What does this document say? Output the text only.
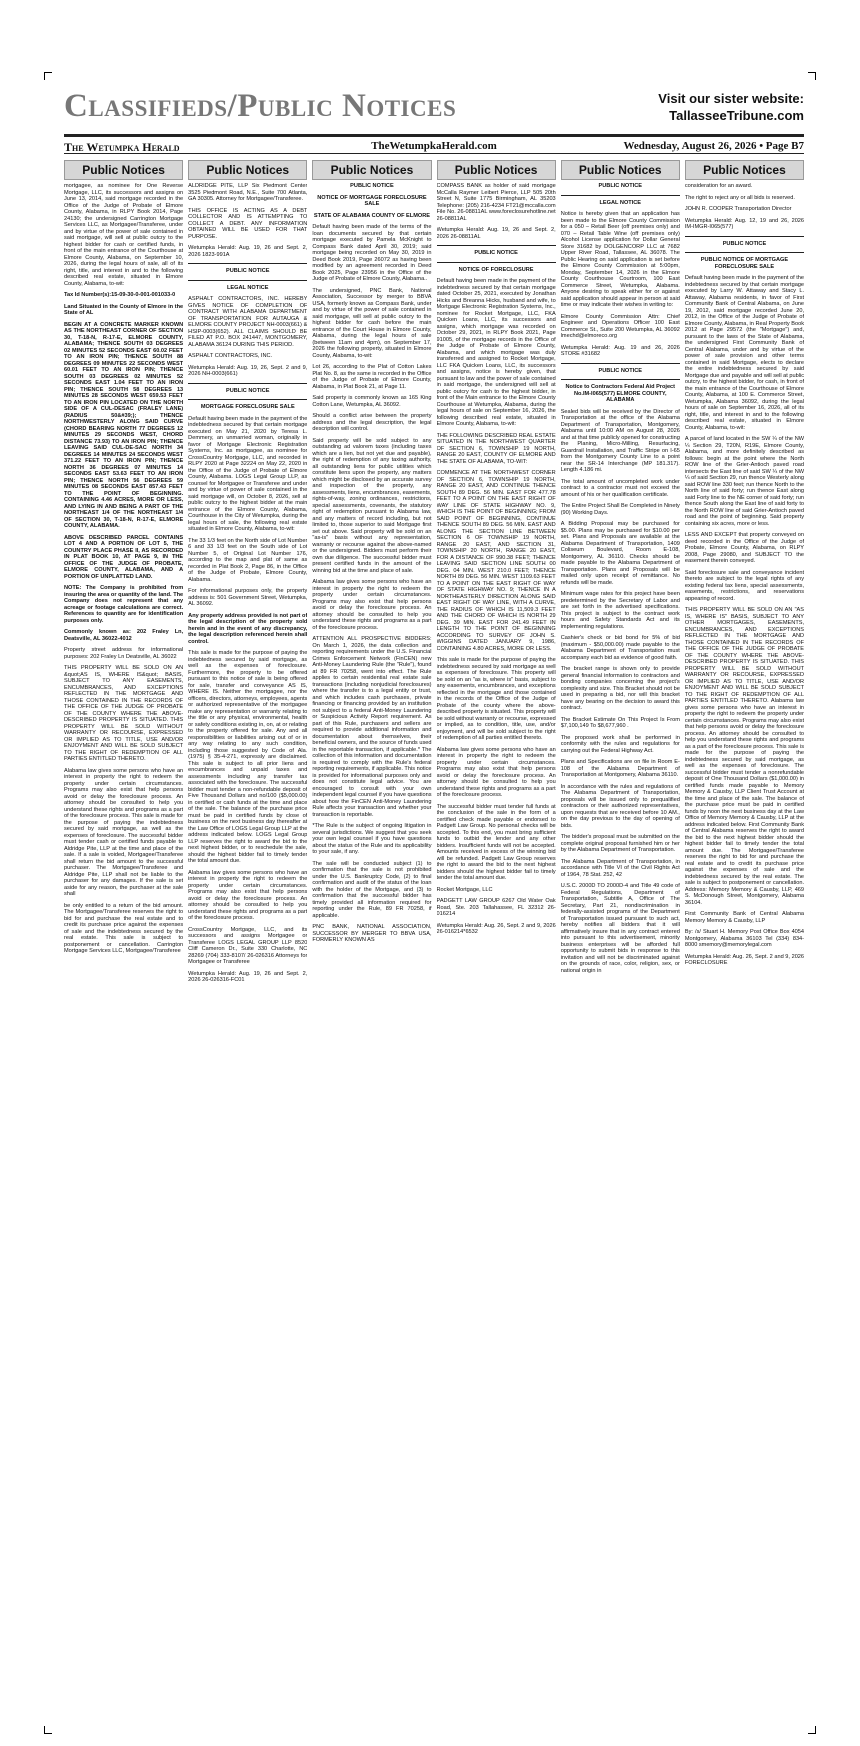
Classifieds/Public Notices	Visit our sister website:
TallasseeTribune.com
The Wetumpka Herald	TheWetumpkaHerald.com	Wednesday, August 26, 2026 • Page B7
Public Notices

mortgagee, as nominee for One Reverse Mortgage, LLC, its successors and assigns on June 13, 2014, said mortgage recorded in the Office of the Judge of Probate of Elmore County, Alabama, in RLPY Book 2014, Page 24130; the undersigned Carrington Mortgage Services LLC, as Mortgagee/Transferee, under and by virtue of the power of sale contained in said mortgage, will sell at public outcry to the highest bidder for cash or certified funds, in front of the main entrance of the Courthouse at Elmore County, Alabama, on September 10, 2026, during the legal hours of sale, all of its right, title, and interest in and to the following described real estate, situated in Elmore County, Alabama, to-wit:

Tax Id Number(s):15-09-30-0-001-001033-0

Land Situated in the County of Elmore in the State of AL

BEGIN AT A CONCRETE MARKER KNOWN AS THE NORTHEAST CORNER OF SECTION 30, T-18-N, R-17-E, ELMORE COUNTY, ALABAMA; THENCE SOUTH 03 DEGREES 02 MINUTES 52 SECONDS EAST 60.02 FEET TO AN IRON PIN; THENCE SOUTH 88 DEGREES 09 MINUTES 22 SECONDS WEST 60.01 FEET TO AN IRON PIN; THENCE SOUTH 03 DEGREES 02 MINUTES 52 SECONDS EAST 1.04 FEET TO AN IRON PIN; THENCE SOUTH 58 DEGREES 13 MINUTES 28 SECONDS WEST 659.53 FEET TO AN IRON PIN LOCATED ON THE NORTH SIDE OF A CUL-DESAC (FRALEY LANE) (RADIUS 50&#39;); THENCE NORTHWESTERLY ALONG SAID CURVE (CHORD BEARING NORTH 77 DEGREES 12 MINUTES 29 SECONDS WEST, CHORD DISTANCE 73.93) TO AN IRON PIN; THENCE LEAVING SAID CUL-DE-SAC NORTH 34 DEGREES 14 MINUTES 24 SECONDS WEST 371.22 FEET TO AN IRON PIN; THENCE NORTH 36 DEGREES 07 MINUTES 14 SECONDS EAST 53.63 FEET TO AN IRON PIN; THENCE NORTH 56 DEGREES 59 MINUTES 08 SECONDS EAST 857.43 FEET TO THE POINT OF BEGINNING. CONTAINING 4.46 ACRES, MORE OR LESS, AND LYING IN AND BEING A PART OF THE NORTHEAST 1/4 OF THE NORTHEAST 1/4 OF SECTION 30, T-18-N, R-17-E, ELMORE COUNTY, ALABAMA.

ABOVE DESCRIBED PARCEL CONTAINS LOT 4 AND A PORTION OF LOT 5, THE COUNTRY PLACE PHASE II, AS RECORDED IN PLAT BOOK 10, AT PAGE 9, IN THE OFFICE OF THE JUDGE OF PROBATE, ELMORE COUNTY, ALABAMA, AND A PORTION OF UNPLATTED LAND.

NOTE: The Company is prohibited from insuring the area or quantity of the land. The Company does not represent that any acreage or footage calculations are correct. References to quantity are for identification purposes only.

Commonly known as: 202 Fraley Ln, Deatsville, AL 36022-4012

Property street address for informational purposes: 202 Fraley Ln Deatsville, AL 36022

THIS PROPERTY WILL BE SOLD ON AN &quot;AS IS, WHERE IS&quot; BASIS, SUBJECT TO ANY EASEMENTS, ENCUMBRANCES, AND EXCEPTIONS REFLECTED IN THE MORTGAGE AND THOSE CONTAINED IN THE RECORDS OF THE OFFICE OF THE JUDGE OF PROBATE OF THE COUNTY WHERE THE ABOVE-DESCRIBED PROPERTY IS SITUATED. THIS PROPERTY WILL BE SOLD WITHOUT WARRANTY OR RECOURSE, EXPRESSED OR IMPLIED AS TO TITLE, USE AND/OR ENJOYMENT AND WILL BE SOLD SUBJECT TO THE RIGHT OF REDEMPTION OF ALL PARTIES ENTITLED THERETO.

Alabama law gives some persons who have an interest in property the right to redeem the property under certain circumstances. Programs may also exist that help persons avoid or delay the foreclosure process. An attorney should be consulted to help you understand these rights and programs as a part of the foreclosure process. This sale is made for the purpose of paying the indebtedness secured by said mortgage, as well as the expenses of foreclosure. The successful bidder must tender cash or certified funds payable to Aldridge Pite, LLP at the time and place of the sale. If a sale is voided, Mortgagee/Transferee shall return the bid amount to the successful purchaser. The Mortgagee/Transferee and Aldridge Pite, LLP shall not be liable to the purchaser for any damages. If the sale is set aside for any reason, the purchaser at the sale shall

be only entitled to a return of the bid amount. The Mortgagee/Transferee reserves the right to bid for and purchase the real estate and to credit its purchase price against the expenses of sale and the indebtedness secured by the real estate. This sale is subject to postponement or cancellation. Carrington Mortgage Services LLC, Mortgagee/Transferee

Public Notices

ALDRIDGE PITE, LLP Six Piedmont Center 3525 Piedmont Road, N.E., Suite 700 Atlanta, GA 30305. Attorney for Mortgagee/Transferee.

THIS OFFICE IS ACTING AS A DEBT COLLECTOR AND IS ATTEMPTING TO COLLECT A DEBT. ANY INFORMATION OBTAINED WILL BE USED FOR THAT PURPOSE.

Wetumpka Herald: Aug. 19, 26 and Sept. 2, 2026 1823-991A

PUBLIC NOTICE

LEGAL NOTICE

ASPHALT CONTRACTORS, INC. HEREBY GIVES NOTICE OF COMPLETION OF CONTRACT WITH ALABAMA DEPARTMENT OF TRANSPORTATION FOR AUTAUGA & ELMORE COUNTY PROJECT NH-0003(661) & HSIP-0003(652). ALL CLAIMS SHOULD BE FILED AT P.O. BOX 241447, MONTGOMERY, ALABAMA 36124 DURING THIS PERIOD.

ASPHALT CONTRACTORS, INC.

Wetumpka Herald: Aug. 19, 26, Sept. 2 and 9, 2026 NH-0003(661)

PUBLIC NOTICE

MORTGAGE FORECLOSURE SALE

Default having been made in the payment of the indebtedness secured by that certain mortgage executed on May 21, 2020 by Teresa L. Demmery, an unmarried woman, originally in favor of Mortgage Electronic Registration Systems, Inc. as mortgagee, as nominee for CrossCountry Mortgage, LLC, and recorded in RLPY 2020 at Page 32224 on May 22, 2020 in the Office of the Judge of Probate of Elmore County, Alabama. LOGS Legal Group LLP, as counsel for Mortgagee or Transferee and under and by virtue of power of sale contained in the said mortgage will, on October 8, 2026, sell at public outcry to the highest bidder at the main entrance of the Elmore County, Alabama, Courthouse in the City of Wetumpka, during the legal hours of sale, the following real estate situated in Elmore County, Alabama, to-wit:

The 33 1/3 feet on the North side of Lot Number 6 and 33 1/3 feet on the South side of Lot Number 5, of Original Lot Number 176, according to the map and plat of same as recorded in Plat Book 2, Page 86, in the Office of the Judge of Probate, Elmore County, Alabama.

For informational purposes only, the property address is: 501 Government Street, Wetumpka, AL 36092.

Any property address provided is not part of the legal description of the property sold herein and in the event of any discrepancy, the legal description referenced herein shall control.

This sale is made for the purpose of paying the indebtedness secured by said mortgage, as well as the expenses of foreclosure. Furthermore, the property to be offered pursuant to this notice of sale is being offered for sale, transfer and conveyance AS IS, WHERE IS. Neither the mortgagee, nor the officers, directors, attorneys, employees, agents or authorized representative of the mortgagee make any representation or warranty relating to the title or any physical, environmental, health or safety conditions existing in, on, at or relating to the property offered for sale. Any and all responsibilities or liabilities arising out of or in any way relating to any such condition, including those suggested by Code of Ala. (1975) § 35-4-271, expressly are disclaimed. This sale is subject to all prior liens and encumbrances and unpaid taxes and assessments including any transfer tax associated with the foreclosure. The successful bidder must tender a non-refundable deposit of Five Thousand Dollars and no/100 ($5,000.00) in certified or cash funds at the time and place of the sale. The balance of the purchase price must be paid in certified funds by close of business on the next business day thereafter at the Law Office of LOGS Legal Group LLP at the address indicated below. LOGS Legal Group LLP reserves the right to award the bid to the next highest bidder, or to reschedule the sale, should the highest bidder fail to timely tender the total amount due.

Alabama law gives some persons who have an interest in property the right to redeem the property under certain circumstances. Programs may also exist that help persons avoid or delay the foreclosure process. An attorney should be consulted to help you understand these rights and programs as a part of the foreclosure process.

CrossCountry Mortgage, LLC, and its successors and assigns Mortgagee or Transferee LOGS LEGAL GROUP LLP 8520 Cliff Cameron Dr., Suite 330 Charlotte, NC 28269 (704) 333-8107/ 26-026316 Attorneys for Mortgagee or Transferee

Wetumpka Herald: Aug. 19, 26 and Sept. 2, 2026 26-026316-FC01

Public Notices

PUBLIC NOTICE

NOTICE OF MORTGAGE FORECLOSURE SALE

STATE OF ALABAMA COUNTY OF ELMORE

Default having been made of the terms of the loan documents secured by that certain mortgage executed by Pamela McKnight to Compass Bank dated April 30, 2019; said mortgage being recorded on May 30, 2019 in Deed Book 2019, Page 26072 as having been modified by an agreement recorded in Deed Book 2025, Page 23956 in the Office of the Judge of Probate of Elmore County, Alabama..

The undersigned, PNC Bank, National Association, Successor by merger to BBVA USA, formerly known as Compass Bank, under and by virtue of the power of sale contained in said mortgage, will sell at public outcry to the highest bidder for cash before the main entrance of the Court House in Elmore County, Alabama, during the legal hours of sale (between 11am and 4pm), on September 17, 2026 the following property, situated in Elmore County, Alabama, to-wit:

Lot 26, according to the Plat of Cotton Lakes Plat No. 8, as the same is recorded in the Office of the Judge of Probate of Elmore County, Alabama, in Plat Book 21, at Page 11.

Said property is commonly known as 165 King Cotton Lane, Wetumpka, AL 36092.

Should a conflict arise between the property address and the legal description, the legal description will control.

Said property will be sold subject to any outstanding ad valorem taxes (including taxes which are a lien, but not yet due and payable), the right of redemption of any taxing authority, all outstanding liens for public utilities which constitute liens upon the property, any matters which might be disclosed by an accurate survey and inspection of the property, any assessments, liens, encumbrances, easements, rights-of-way, zoning ordinances, restrictions, special assessments, covenants, the statutory right of redemption pursuant to Alabama law, and any matters of record including, but not limited to, those superior to said Mortgage first set out above. Said property will be sold on an "as-is" basis without any representation, warranty or recourse against the above-named or the undersigned. Bidders must perform their own due diligence. The successful bidder must present certified funds in the amount of the winning bid at the time and place of sale.

Alabama law gives some persons who have an interest in property the right to redeem the property under certain circumstances. Programs may also exist that help persons avoid or delay the foreclosure process. An attorney should be consulted to help you understand these rights and programs as a part of the foreclosure process.

ATTENTION ALL PROSPECTIVE BIDDERS: On March 1, 2026, the data collection and reporting requirements under the U.S. Financial Crimes Enforcement Network (FinCEN) new Anti-Money Laundering Rule (the "Rule"), found at 89 FR 70258, went into effect. The Rule applies to certain residential real estate sale transactions (including nonjudicial foreclosures) where the transfer is to a legal entity or trust, and which includes cash purchases, private financing or financing provided by an institution not subject to a federal Anti-Money Laundering or Suspicious Activity Report requirement. As part of this Rule, purchasers and sellers are required to provide additional information and documentation about themselves, their beneficial owners, and the source of funds used in the reportable transaction, if applicable.* The collection of this information and documentation is required to comply with the Rule's federal reporting requirements, if applicable. This notice is provided for informational purposes only and does not constitute legal advice. You are encouraged to consult with your own independent legal counsel if you have questions about how the FinCEN Anti-Money Laundering Rule affects your transaction and whether your transaction is reportable.

*The Rule is the subject of ongoing litigation in several jurisdictions. We suggest that you seek your own legal counsel if you have questions about the status of the Rule and its applicability to your sale, if any.

The sale will be conducted subject (1) to confirmation that the sale is not prohibited under the U.S. Bankruptcy Code, (2) to final confirmation and audit of the status of the loan with the holder of the Mortgage, and (3) to confirmation that the successful bidder has timely provided all information required for reporting under the Rule, 89 FR 70258, if applicable.

PNC BANK, NATIONAL ASSOCIATION, SUCCESSOR BY MERGER TO BBVA USA, FORMERLY KNOWN AS

Public Notices

COMPASS BANK as holder of said mortgage McCalla Raymer Leibert Pierce, LLP 505 20th Street N, Suite 1775 Birmingham, AL 35203 Telephone: (205) 216-4234 FT21@mccalla.com File No. 26-08811AL www.foreclosurehotline.net 26-08811AL

Wetumpka Herald: Aug. 19, 26 and Sept. 2, 2026 26-08811AL

PUBLIC NOTICE

NOTICE OF FORECLOSURE

Default having been made in the payment of the indebtedness secured by that certain mortgage dated October 25, 2021, executed by Jonathan Hicks and Breanna Hicks, husband and wife, to Mortgage Electronic Registration Systems, Inc., nominee for Rocket Mortgage, LLC, FKA Quicken Loans, LLC, its successors and assigns, which mortgage was recorded on October 29, 2021, in RLPY Book 2021, Page 91005, of the mortgage records in the Office of the Judge of Probate of Elmore County, Alabama, and which mortgage was duly transferred and assigned to Rocket Mortgage, LLC FKA Quicken Loans, LLC, its successors and assigns, notice is hereby given, that pursuant to law and the power of sale contained in said mortgage, the undersigned will sell at public outcry for cash to the highest bidder, in front of the Main entrance to the Elmore County Courthouse at Wetumpka, Alabama, during the legal hours of sale on September 16, 2026, the following described real estate, situated in Elmore County, Alabama, to-wit:

THE FOLLOWING DESCRIBED REAL ESTATE SITUATED IN THE NORTHWEST QUARTER OF SECTION 6, TOWNSHIP 19 NORTH, RANGE 20 EAST, COUNTY OF ELMORE AND THE STATE OF ALABAMA, TO-WIT:

COMMENCE AT THE NORTHWEST CORNER OF SECTION 6, TOWNSHIP 19 NORTH, RANGE 20 EAST, AND CONTINUE THENCE SOUTH 89 DEG. 56 MIN. EAST FOR 477.78 FEET TO A POINT ON THE EAST RIGHT OF WAY LINE OF STATE HIGHWAY NO. 9, WHICH IS THE POINT OF BEGINNING; FROM SAID POINT OF BEGINNING, CONTINUE THENCE SOUTH 89 DEG. 56 MIN. EAST AND ALONG THE SECTION LINE BETWEEN SECTION 6 OF TOWNSHIP 19 NORTH, RANGE 20 EAST, AND SECTION 31, TOWNSHIP 20 NORTH, RANGE 20 EAST, FOR A DISTANCE OF 990.38 FEET; THENCE LEAVING SAID SECTION LINE SOUTH 00 DEG. 04 MIN. WEST 210.0 FEET; THENCE NORTH 89 DEG. 56 MIN. WEST 1109.63 FEET TO A POINT ON THE EAST RIGHT OF WAY OF STATE HIGHWAY NO. 9; THENCE IN A NORTHEASTERLY DIRECTION ALONG SAID EAST RIGHT OF WAY LINE, WITH A CURVE, THE RADIUS OF WHICH IS 11,509.3 FEET AND THE CHORD OF WHICH IS NORTH 29 DEG. 39 MIN. EAST FOR 241.49 FEET IN LENGTH TO THE POINT OF BEGINNING ACCORDING TO SURVEY OF JOHN S. WIGGINS DATED JANUARY 9, 1986, CONTAINING 4.80 ACRES, MORE OR LESS.

This sale is made for the purpose of paying the indebtedness secured by said mortgage as well as expenses of foreclosure. This property will be sold on an "as is, where is" basis, subject to any easements, encumbrances, and exceptions reflected in the mortgage and those contained in the records of the Office of the Judge of Probate of the county where the above-described property is situated. This property will be sold without warranty or recourse, expressed or implied, as to condition, title, use, and/or enjoyment, and will be sold subject to the right of redemption of all parties entitled thereto.

Alabama law gives some persons who have an interest in property the right to redeem the property under certain circumstances. Programs may also exist that help persons avoid or delay the foreclosure process. An attorney should be consulted to help you understand these rights and programs as a part of the foreclosure process.

The successful bidder must tender full funds at the conclusion of the sale in the form of a certified check made payable or endorsed to Padgett Law Group. No personal checks will be accepted. To this end, you must bring sufficient funds to outbid the lender and any other bidders. Insufficient funds will not be accepted. Amounts received in excess of the winning bid will be refunded. Padgett Law Group reserves the right to award the bid to the next highest bidders should the highest bidder fail to timely tender the total amount due.

Rocket Mortgage, LLC

PADGETT LAW GROUP 6267 Old Water Oak Road, Ste. 203 Tallahassee, FL 32312 26-016214

Wetumpka Herald: Aug. 26, Sept. 2 and 9, 2026 26-016214*6532

Public Notices

PUBLIC NOTICE

LEGAL NOTICE

Notice is hereby given that an application has been made to the Elmore County Commission for a 050 – Retail Beer (off premises only) and 070 – Retail Table Wine (off premises only) Alcohol License application for Dollar General Store 31682 by DOLGENCORP LLC at 7682 Upper River Road, Tallassee, AL 36078. The Public Hearing on said application is set before the Elmore County Commission at 5:00pm, Monday, September 14, 2026 in the Elmore County Courthouse Courtroom, 100 East Commerce Street, Wetumpka, Alabama. Anyone desiring to speak either for or against said application should appear in person at said time or may indicate their wishes in writing to:

Elmore County Commission Attn: Chief Engineer and Operations Officer 100 East Commerce St., Suite 200 Wetumpka, AL 36092 lmechd@elmoreco.org

Wetumpka Herald: Aug. 19 and 26, 2026 STORE #31682

PUBLIC NOTICE

Notice to Contractors Federal Aid Project No.IM-I065(577) ELMORE COUNTY, ALABAMA

Sealed bids will be received by the Director of Transportation at the office of the Alabama Department of Transportation, Montgomery, Alabama until 10:00 AM on August 28, 2026 and at that time publicly opened for constructing the Planing, Micro-Milling, Resurfacing, Guardrail Installation, and Traffic Stripe on I-65 from the Montgomery County Line to a point near the SR-14 Interchange (MP 181.317). Length 4.186 mi.

The total amount of uncompleted work under contract to a contractor must not exceed the amount of his or her qualification certificate.

The Entire Project Shall Be Completed in Ninety (90) Working Days.

A Bidding Proposal may be purchased for $5.00. Plans may be purchased for $10.00 per set. Plans and Proposals are available at the Alabama Department of Transportation, 1409 Coliseum Boulevard, Room E-108, Montgomery, AL 36110. Checks should be made payable to the Alabama Department of Transportation. Plans and Proposals will be mailed only upon receipt of remittance. No refunds will be made.

Minimum wage rates for this project have been predetermined by the Secretary of Labor and are set forth in the advertised specifications. This project is subject to the contract work hours and Safety Standards Act and its implementing regulations.

Cashier's check or bid bond for 5% of bid (maximum - $50,000.00) made payable to the Alabama Department of Transportation must accompany each bid as evidence of good faith.

The bracket range is shown only to provide general financial information to contractors and bonding companies concerning the project's complexity and size. This Bracket should not be used in preparing a bid, nor will this bracket have any bearing on the decision to award this contract.

The Bracket Estimate On This Project Is From $7,100,149 To $8,677,960 .

The proposed work shall be performed in conformity with the rules and regulations for carrying out the Federal Highway Act.

Plans and Specifications are on file in Room E-108 of the Alabama Department of Transportation at Montgomery, Alabama 36110.

In accordance with the rules and regulations of The Alabama Department of Transportation, proposals will be issued only to prequalified contractors or their authorized representatives, upon requests that are received before 10 AM., on the day previous to the day of opening of bids.

The bidder's proposal must be submitted on the complete original proposal furnished him or her by the Alabama Department of Transportation.

The Alabama Department of Transportation, in accordance with Title VI of the Civil Rights Act of 1964, 78 Stat. 252, 42

U.S.C. 2000D TO 2000D-4 and Title 49 code of Federal Regulations, Department of Transportation, Subtitle A, Office of The Secretary, Part 21, nondiscrimination in federally-assisted programs of the Department of Transportation issued pursuant to such act, hereby notifies all bidders that it will affirmatively insure that in any contract entered into pursuant to this advertisement, minority business enterprises will be afforded full opportunity to submit bids in response to this invitation and will not be discriminated against on the grounds of race, color, religion, sex, or national origin in

Public Notices

consideration for an award.

The right to reject any or all bids is reserved.

JOHN R. COOPER Transportation Director

Wetumpka Herald: Aug. 12, 19 and 26, 2026 IM-IMGR-I065(577)

PUBLIC NOTICE

PUBLIC NOTICE OF MORTGAGE FORECLOSURE SALE

Default having been made in the payment of the indebtedness secured by that certain mortgage executed by Larry W. Attaway and Stacy L. Attaway, Alabama residents, in favor of First Community Bank of Central Alabama, on June 19, 2012, said mortgage recorded June 20, 2012, in the Office of the Judge of Probate of Elmore County, Alabama, in Real Property Book 2012 at Page 29572 (the "Mortgage") and, pursuant to the laws of the State of Alabama, the undersigned First Community Bank of Central Alabama, under and by virtue of the power of sale provision and other terms contained in said Mortgage, elects to declare the entire indebtedness secured by said Mortgage due and payable and will sell at public outcry, to the highest bidder, for cash, in front of the main entrance of the Courthouse of Elmore County, Alabama, at 100 E. Commerce Street, Wetumpka, Alabama 36092, during the legal hours of sale on September 16, 2026, all of its right, title, and interest in and to the following described real estate, situated in Elmore County, Alabama, to-wit:

A parcel of land located in the SW ¼ of the NW ¼ Section 29, T20N, R19E, Elmore County, Alabama, and more definitely described as follows: begin at the point where the North ROW line of the Grier-Antioch paved road intersects the East line of said SW ¼ of the NW ¼ of said Section 29, run thence Westerly along said ROW line 330 feet; run thence North to the North line of said forty; run thence East along said Forty line to the NE corner of said forty; run thence South along the East line of said forty to the North ROW line of said Grier-Antioch paved road and the point of beginning. Said property containing six acres, more or less.

LESS AND EXCEPT that property conveyed on deed recorded in the Office of the Judge of Probate, Elmore County, Alabama, on RLPY 2008, Page 29080, and SUBJECT TO the easement therein conveyed.

Said foreclosure sale and conveyance incident thereto are subject to the legal rights of any existing federal tax liens, special assessments, easements, restrictions, and reservations appearing of record.

THIS PROPERTY WILL BE SOLD ON AN "AS IS, WHERE IS" BASIS, SUBJECT TO ANY OTHER MORTGAGES, EASEMENTS, ENCUMBRANCES, AND EXCEPTIONS REFLECTED IN THE MORTGAGE AND THOSE CONTAINED IN THE RECORDS OF THE OFFICE OF THE JUDGE OF PROBATE OF THE COUNTY WHERE THE ABOVE-DESCRIBED PROPERTY IS SITUATED. THIS PROPERTY WILL BE SOLD WITHOUT WARRANTY OR RECOURSE, EXPRESSED OR IMPLIED AS TO TITLE, USE AND/OR ENJOYMENT AND WILL BE SOLD SUBJECT TO THE RIGHT OF REDEMPTION OF ALL PARTIES ENTITLED THERETO. Alabama law gives some persons who have an interest in property the right to redeem the property under certain circumstances. Programs may also exist that help persons avoid or delay the foreclosure process. An attorney should be consulted to help you understand these rights and programs as a part of the foreclosure process. This sale is made for the purpose of paying the indebtedness secured by said mortgage, as well as the expenses of foreclosure. The successful bidder must tender a nonrefundable deposit of One Thousand Dollars ($1,000.00) in certified funds made payable to Memory Memory & Causby, LLP Client Trust Account at the time and place of the sale. The balance of the purchase price must be paid in certified funds by noon the next business day at the Law Office of Memory Memory & Causby, LLP at the address indicated below. First Community Bank of Central Alabama reserves the right to award the bid to the next highest bidder should the highest bidder fail to timely tender the total amount due. The Mortgagee/Transferee reserves the right to bid for and purchase the real estate and to credit its purchase price against the expenses of sale and the indebtedness secured by the real estate. The sale is subject to postponement or cancellation. Address: Memory Memory & Causby, LLP, 469 S. McDonough Street, Montgomery, Alabama 36104.

First Community Bank of Central Alabama Memory Memory & Causby, LLP

By: /s/ Stuart H. Memory Post Office Box 4054 Montgomery, Alabama 36103 Tel (334) 834-8000 smemory@memorylegal.com

Wetumpka Herald: Aug. 26, Sept. 2 and 9, 2026 FORECLOSURE
